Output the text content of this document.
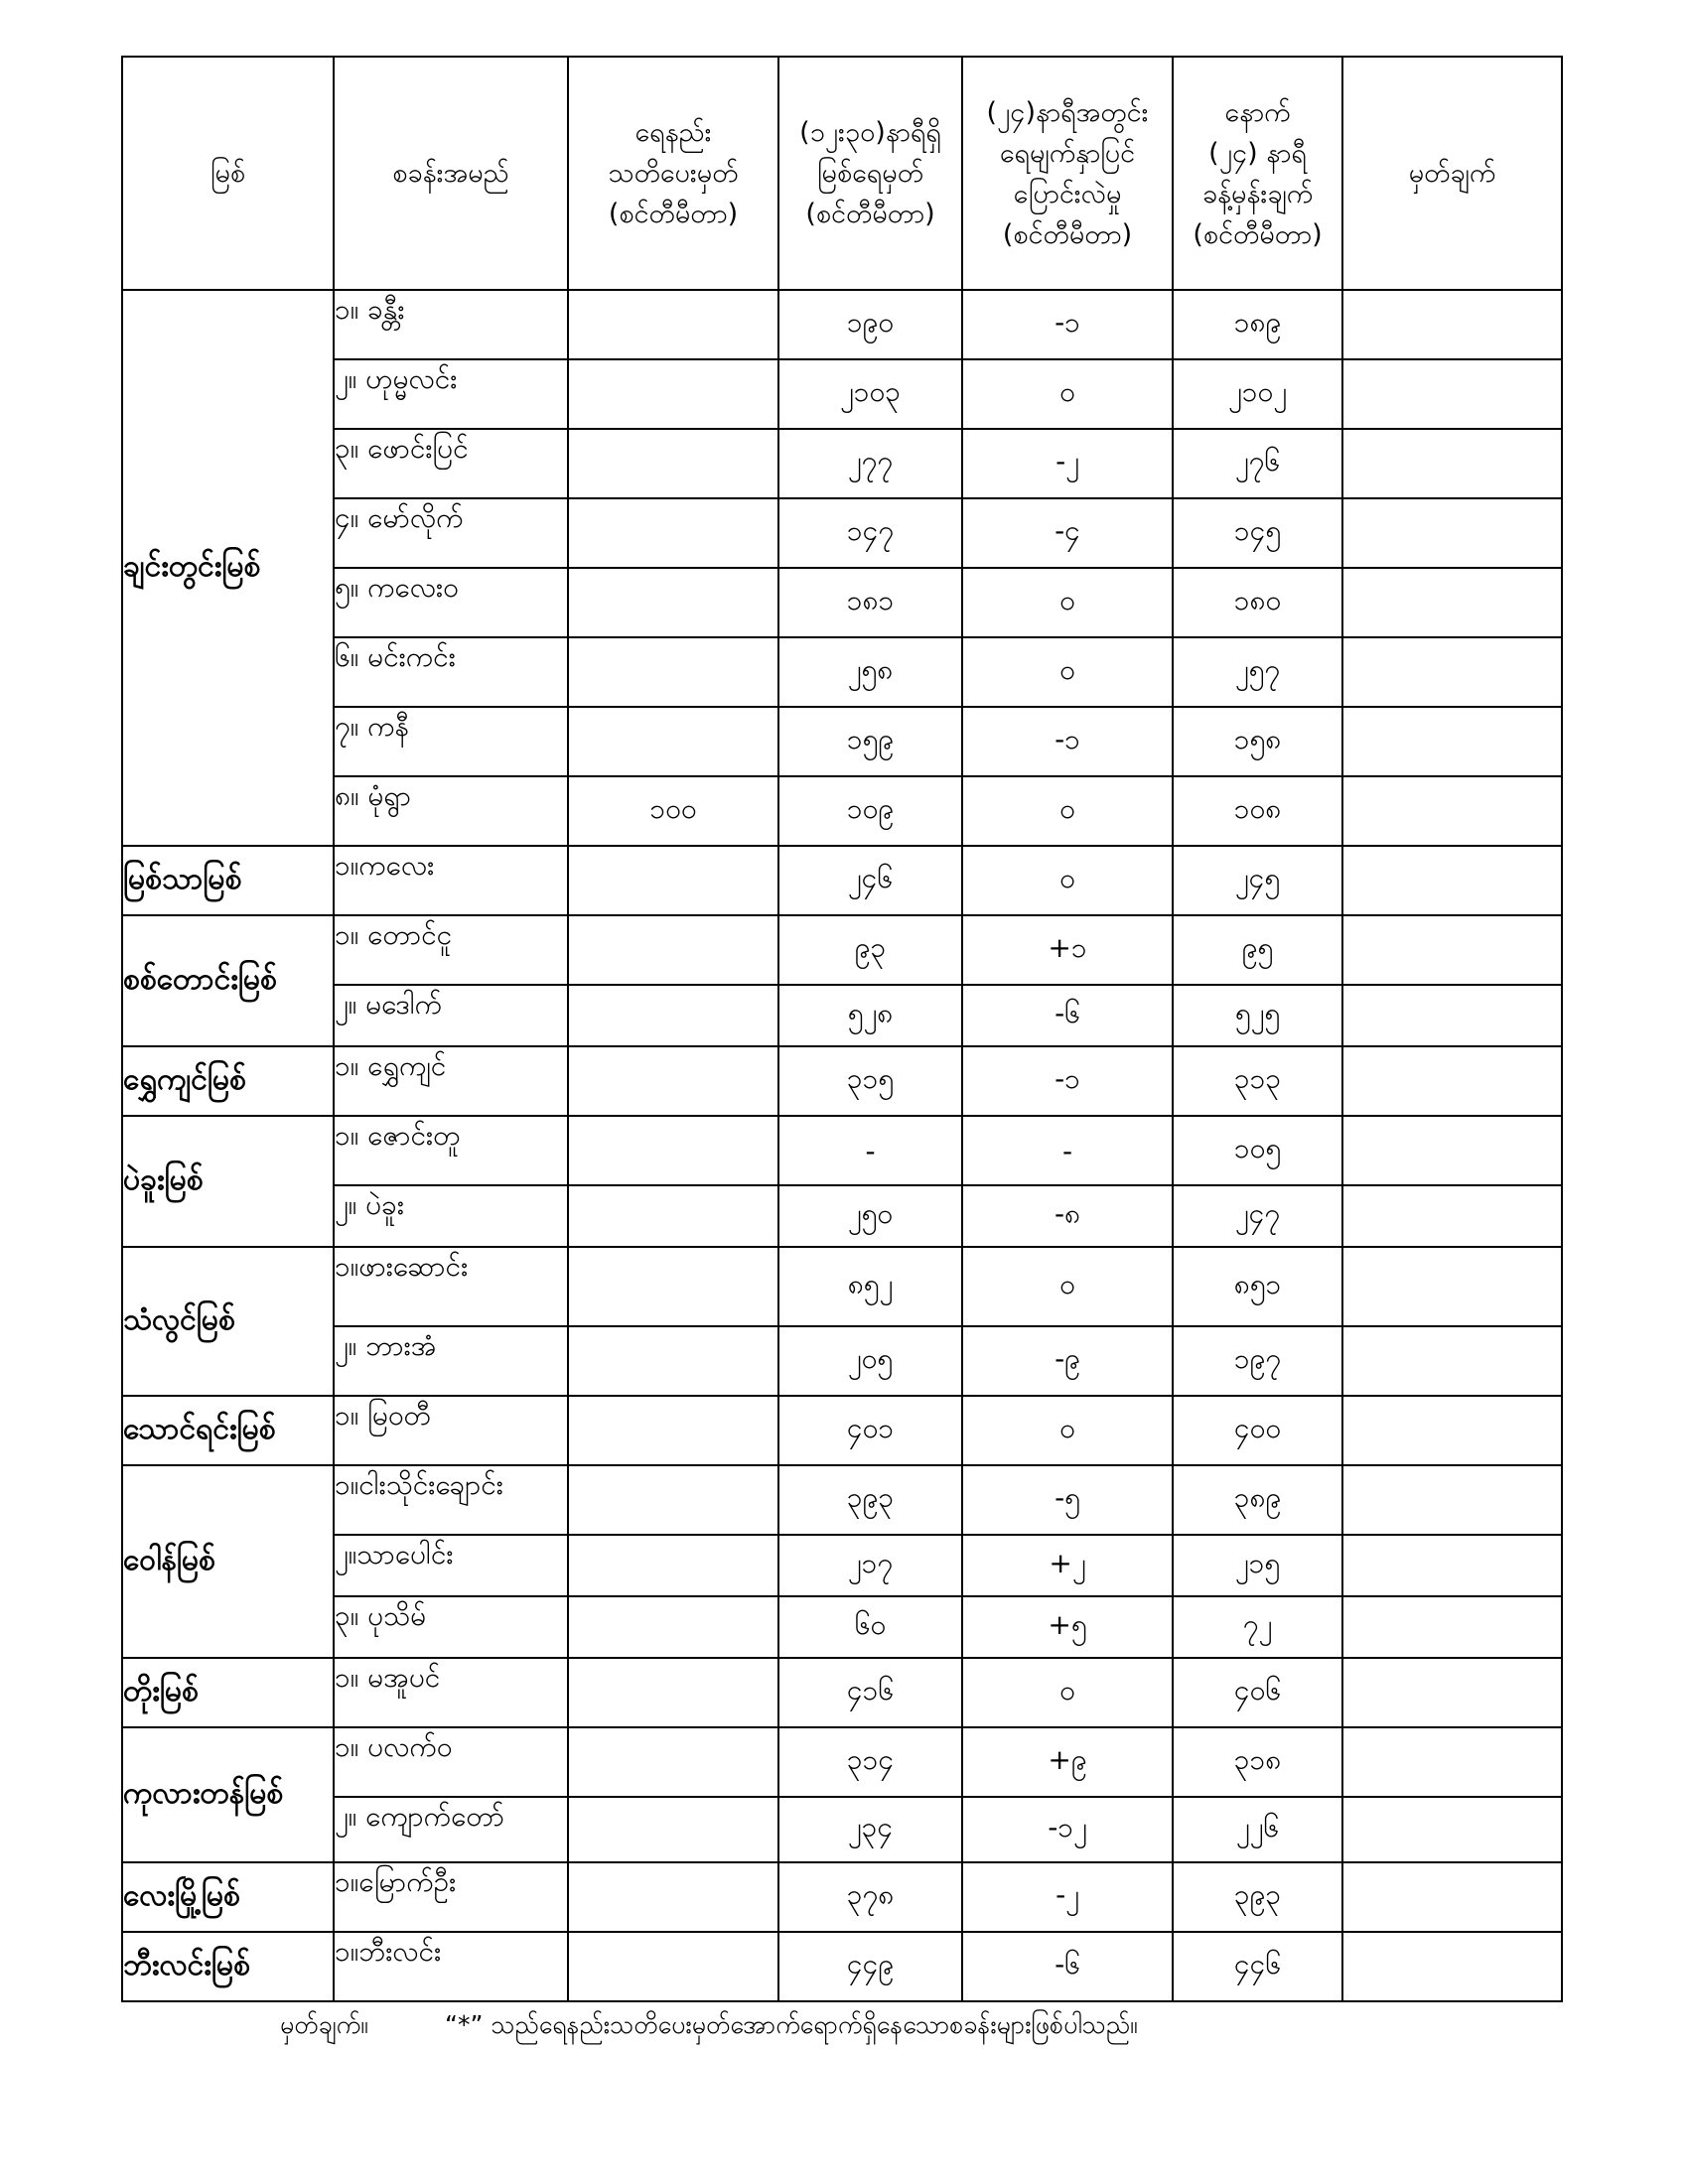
မြစ်	စခန်းအမည်	ရေနည်း
သတိပေးမှတ်
(စင်တီမီတာ)	(၁၂း၃၀)နာရီရှိ
မြစ်ရေမှတ်
(စင်တီမီတာ)	(၂၄)နာရီအတွင်း
ရေမျက်နှာပြင်
ပြောင်းလဲမှု
(စင်တီမီတာ)	နောက်
(၂၄) နာရီ
ခန့်မှန်းချက်
(စင်တီမီတာ)	မှတ်ချက်
ချင်းတွင်းမြစ်	၁။ ခန္တီး		၁၉၀	-၁	၁၈၉	
	၂။ ဟုမ္မလင်း		၂၁၀၃	၀	၂၁၀၂	
	၃။ ဖောင်းပြင်		၂၇၇	-၂	၂၇၆	
	၄။ မော်လိုက်		၁၄၇	-၄	၁၄၅	
	၅။ ကလေးဝ		၁၈၁	၀	၁၈၀	
	၆။ မင်းကင်း		၂၅၈	၀	၂၅၇	
	၇။ ကနီ		၁၅၉	-၁	၁၅၈	
	၈။ မုံရွာ	၁၀၀	၁၀၉	၀	၁၀၈	
မြစ်သာမြစ်	၁။ကလေး		၂၄၆	၀	၂၄၅	
စစ်တောင်းမြစ်	၁။ တောင်ငူ		၉၃	+၁	၉၅	
	၂။ မဒေါက်		၅၂၈	-၆	၅၂၅	
ရွှေကျင်မြစ်	၁။ ရွှေကျင်		၃၁၅	-၁	၃၁၃	
ပဲခူးမြစ်	၁။ ဇောင်းတူ		-	-	၁၀၅	
	၂။ ပဲခူး		၂၅၀	-၈	၂၄၇	
သံလွင်မြစ်	၁။ဖားဆောင်း		၈၅၂	၀	၈၅၁	
	၂။ ဘားအံ		၂၀၅	-၉	၁၉၇	
သောင်ရင်းမြစ်	၁။ မြဝတီ		၄၀၁	၀	၄၀၀	
ဝေါန်မြစ်	၁။ငါးသိုင်းချောင်း		၃၉၃	-၅	၃၈၉	
	၂။သာပေါင်း		၂၁၇	+၂	၂၁၅	
	၃။ ပုသိမ်		၆၀	+၅	၇၂	
တိုးမြစ်	၁။ မအူပင်		၄၁၆	၀	၄၀၆	
ကုလားတန်မြစ်	၁။ ပလက်ဝ		၃၁၄	+၉	၃၁၈	
	၂။ ကျောက်တော်		၂၃၄	-၁၂	၂၂၆	
လေးမြို့မြစ်	၁။မြောက်ဦး		၃၇၈	-၂	၃၉၃	
ဘီးလင်းမြစ်	၁။ဘီးလင်း		၄၄၉	-၆	၄၄၆	
မှတ်ချက်။	“*” သည်ရေနည်းသတိပေးမှတ်အောက်ရောက်ရှိနေသောစခန်းများဖြစ်ပါသည်။
